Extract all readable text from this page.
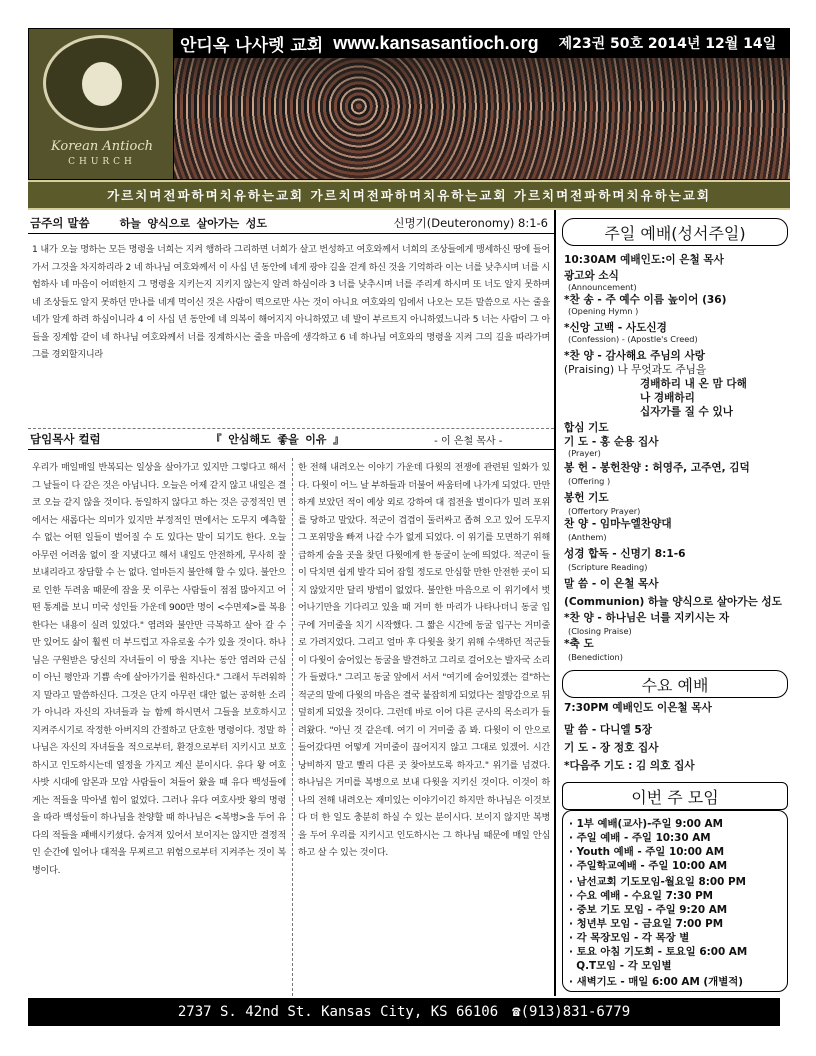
안디옥 나사렛 교회 www.kansasantioch.org 제23권 50호 2014년 12월 14일
Korean Antioch
CHURCH
가르치며전파하며치유하는교회 가르치며전파하며치유하는교회 가르치며전파하며치유하는교회
금주의 말씀	하늘 양식으로 살아가는 성도	신명기(Deuteronomy) 8:1-6
1 내가 오늘 명하는 모든 명령을 너희는 지켜 행하라 그리하면 너희가 살고 번성하고 여호와께서 너희의 조상들에게 맹세하신 땅에 들어가서 그것을 차지하리라 2 네 하나님 여호와께서 이 사십 년 동안에 네게 광야 길을 걷게 하신 것을 기억하라 이는 너를 낮추시며 너를 시험하사 네 마음이 어떠한지 그 명령을 지키는지 지키지 않는지 알려 하심이라 3 너를 낮추시며 너를 주리게 하시며 또 너도 알지 못하며 네 조상들도 알지 못하던 만나를 네게 먹이신 것은 사람이 떡으로만 사는 것이 아니요 여호와의 입에서 나오는 모든 말씀으로 사는 줄을 네가 알게 하려 하심이니라 4 이 사십 년 동안에 네 의복이 해어지지 아니하였고 네 발이 부르트지 아니하였느니라 5 너는 사람이 그 아들을 징계함 같이 네 하나님 여호와께서 너를 징계하시는 줄을 마음에 생각하고 6 네 하나님 여호와의 명령을 지켜 그의 길을 따라가며 그를 경외할지니라
담임목사 컬럼	『 안심해도 좋을 이유 』	- 이 은철 목사 -
우리가 매일매일 반복되는 일상을 살아가고 있지만 그렇다고 해서 그 날들이 다 같은 것은 아닙니다. 오늘은 어제 같지 않고 내일은 결코 오늘 같지 않을 것이다. 동일하지 않다고 하는 것은 긍정적인 면에서는 새롭다는 의미가 있지만 부정적인 면에서는 도무지 예측할 수 없는 어떤 일들이 벌어질 수 도 있다는 말이 되기도 한다. 오늘 아무런 어려움 없이 잘 지냈다고 해서 내일도 안전하게, 무사히 잘 보내리라고 장담할 수 는 없다. 얼마든지 불안해 할 수 있다. 불안으로 인한 두려움 때문에 잠을 못 이루는 사람들이 점점 많아지고 어떤 통계를 보니 미국 성인들 가운데 900만 명이 <수면제>를 복용한다는 내용이 실려 있었다." 염려와 불안만 극복하고 살아 갈 수 만 있어도 삶이 훨씬 더 부드럽고 자유로울 수가 있을 것이다. 하나님은 구원받은 당신의 자녀들이 이 땅을 지나는 동안 염려와 근심이 아닌 평안과 기쁨 속에 살아가기를 원하신다." 그래서 두려워하지 말라고 말씀하신다. 그것은 단지 아무런 대안 없는 공허한 소리가 아니라 자신의 자녀들과 늘 함께 하시면서 그들을 보호하시고 지켜주시기로 작정한 아버지의 간절하고 단호한 명령이다. 정말 하나님은 자신의 자녀들을 적으로부터, 환경으로부터 지키시고 보호하시고 인도하시는데 열정을 가지고 계신 분이시다. 유다 왕 여호사밧 시대에 암몬과 모압 사람들이 쳐들어 왔을 때 유다 백성들에게는 적들을 막아낼 힘이 없었다. 그러나 유다 여호사밧 왕의 명령을 따라 백성들이 하나님을 찬양할 때 하나님은 <복병>을 두어 유다의 적들을 패배시키셨다. 숨겨져 있어서 보이지는 않지만 결정적인 순간에 일어나 대적을 무찌르고 위험으로부터 지켜주는 것이 복병이다.
한 전해 내려오는 이야기 가운데 다윗의 전쟁에 관련된 일화가 있다. 다윗이 어느 날 부하들과 더불어 싸움터에 나가게 되었다. 만만하게 보았던 적이 예상 외로 강하여 대 접전을 벌이다가 밀려 포위를 당하고 말았다. 적군이 겹겹이 둘러싸고 좁혀 오고 있어 도무지 그 포위망을 빠져 나갈 수가 없게 되었다. 이 위기를 모면하기 위해 급하게 숨을 곳을 찾던 다윗에게 한 동굴이 눈에 띄었다. 적군이 들이 닥치면 쉽게 발각 되어 잡힐 정도로 안심할 만한 안전한 곳이 되지 않았지만 달리 방법이 없었다. 불안한 마음으로 이 위기에서 벗어나기만을 기다리고 있을 때 거미 한 마리가 나타나더니 동굴 입구에 거미줄을 치기 시작했다. 그 짧은 시간에 동굴 입구는 거미줄로 가려지었다. 그리고 얼마 후 다윗을 찾기 위해 수색하던 적군들이 다윗이 숨어있는 동굴을 발견하고 그리로 걸어오는 발자국 소리가 들렸다." 그리고 동굴 앞에서 서서 "여기에 숨어있겠는 걸"하는 적군의 말에 다윗의 마음은 결국 붙잡히게 되었다는 절망감으로 뒤 덮히게 되었을 것이다. 그런데 바로 이어 다른 군사의 목소리가 들려왔다. "아닌 것 같은데. 여기 이 거미줄 좀 봐. 다윗이 이 안으로 들어갔다면 어떻게 거미줄이 끊어지지 않고 그대로 있겠어. 시간 낭비하지 말고 빨리 다른 곳 찾아보도록 하자고." 위기를 넘겼다. 하나님은 거미를 복병으로 보내 다윗을 지키신 것이다. 이것이 하나의 전해 내려오는 재미있는 이야기이긴 하지만 하나님은 이것보다 더 한 일도 충분히 하실 수 있는 분이시다. 보이지 않지만 복병을 두어 우리를 지키시고 인도하시는 그 하나님 때문에 매일 안심하고 살 수 있는 것이다.
주일 예배(성서주일)
10:30AM 예배인도:이 은철 목사
광고와 소식
(Announcement)
*찬 송 - 주 예수 이름 높이어 (36)
(Opening Hymn )
*신앙 고백 - 사도신경
(Confession) - (Apostle's Creed)
*찬 양 - 감사해요 주님의 사랑
(Praising) 나 무엇과도 주님을
경배하리 내 온 맘 다해
나 경배하리
십자가를 질 수 있나
합심 기도
기 도 - 홍 순용 집사
(Prayer)
봉 헌 - 봉헌찬양 : 허영주, 고주연, 김덕
(Offering )
봉헌 기도
(Offertory Prayer)
찬 양 - 임마누엘찬양대
(Anthem)
성경 합독 - 신명기 8:1-6
(Scripture Reading)
말 씀 - 이 은철 목사
(Communion) 하늘 양식으로 살아가는 성도
*찬 양 - 하나님은 너를 지키시는 자
(Closing Praise)
*축 도
(Benediction)
수요 예배
7:30PM 예배인도 이은철 목사
말 씀 - 다니엘 5장
기 도 - 장 정호 집사
*다음주 기도 : 김 의호 집사
이번 주 모임
· 1부 예배(교사)-주일 9:00 AM
· 주일 예배 - 주일 10:30 AM
· Youth 예배 - 주일 10:00 AM
· 주일학교예배 - 주일 10:00 AM
· 남선교회 기도모임-월요일 8:00 PM
· 수요 예배 - 수요일 7:30 PM
· 중보 기도 모임 - 주일 9:20 AM
· 청년부 모임 - 금요일 7:00 PM
· 각 목장모임 - 각 목장 별
· 토요 아침 기도회 - 토요일 6:00 AM
Q.T모임 - 각 모임별
· 새벽기도 - 매일 6:00 AM (개별적)
2737 S. 42nd St. Kansas City, KS 66106 ☎(913)831-6779
